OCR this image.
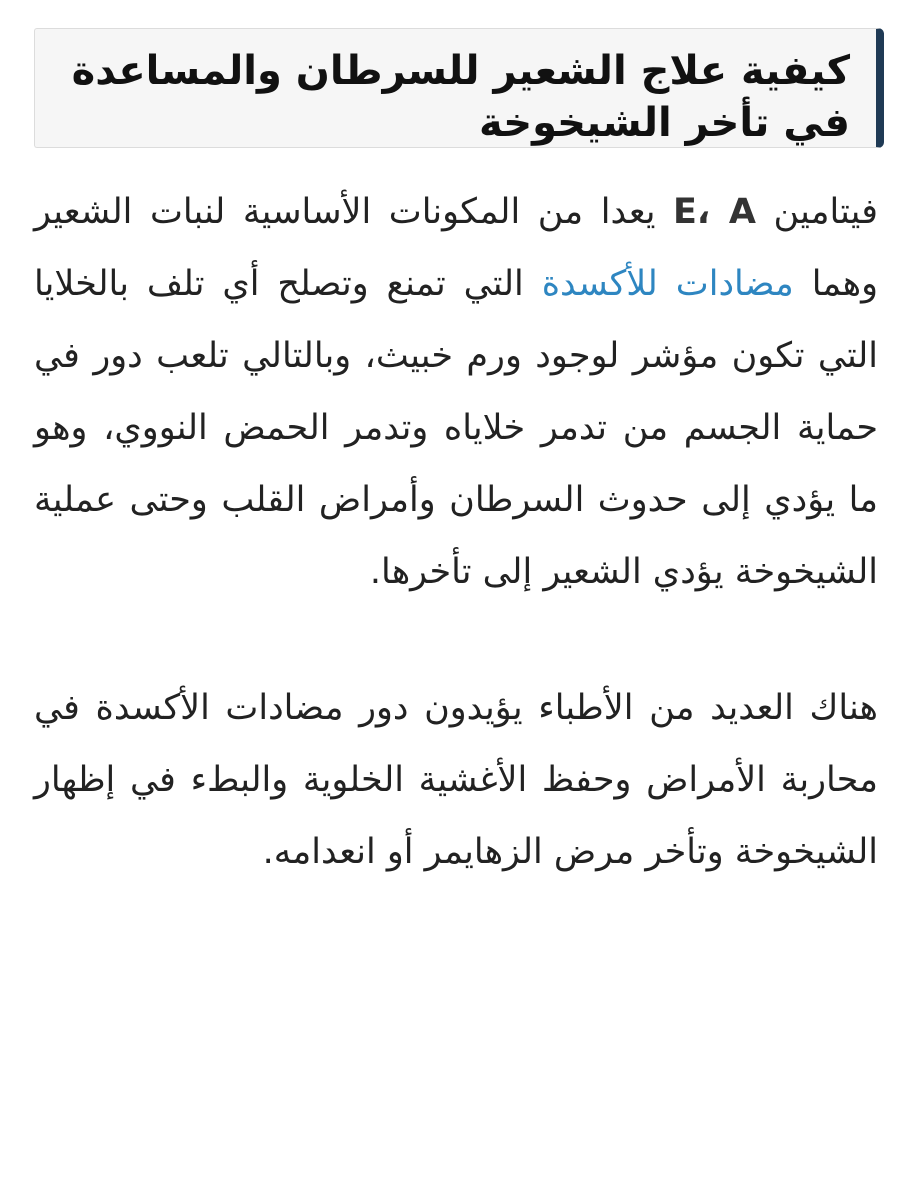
كيفية علاج الشعير للسرطان والمساعدة في تأخر الشيخوخة

فيتامين E، A يعدا من المكونات الأساسية لنبات الشعير وهما مضادات للأكسدة التي تمنع وتصلح أي تلف بالخلايا التي تكون مؤشر لوجود ورم خبيث، وبالتالي تلعب دور في حماية الجسم من تدمر خلاياه وتدمر الحمض النووي، وهو ما يؤدي إلى حدوث السرطان وأمراض القلب وحتى عملية الشيخوخة يؤدي الشعير إلى تأخرها.

هناك العديد من الأطباء يؤيدون دور مضادات الأكسدة في محاربة الأمراض وحفظ الأغشية الخلوية والبطء في إظهار الشيخوخة وتأخر مرض الزهايمر أو انعدامه.
